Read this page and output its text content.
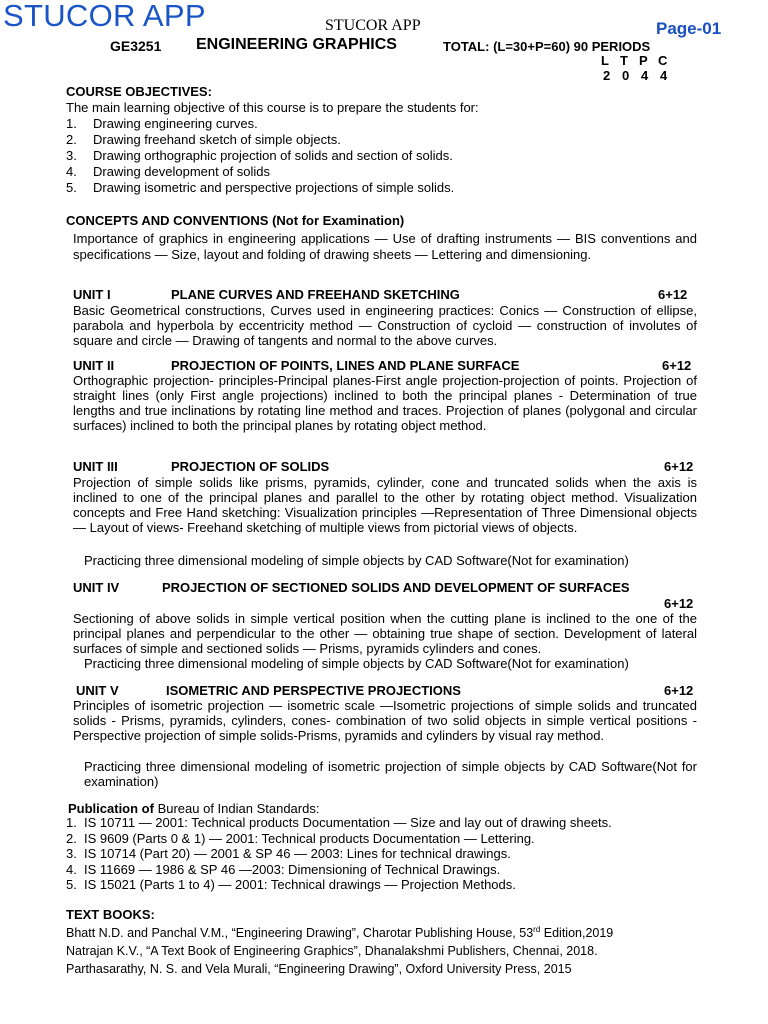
STUCOR APP	STUCOR APP	Page-01
GE3251 ENGINEERING GRAPHICS	TOTAL: (L=30+P=60) 90 PERIODS
L T P C
2 0 4 4
COURSE OBJECTIVES:
The main learning objective of this course is to prepare the students for:
1.	Drawing engineering curves.
2.	Drawing freehand sketch of simple objects.
3.	Drawing orthographic projection of solids and section of solids.
4.	Drawing development of solids
5.	Drawing isometric and perspective projections of simple solids.
CONCEPTS AND CONVENTIONS (Not for Examination)
Importance of graphics in engineering applications — Use of drafting instruments — BIS conventions and specifications — Size, layout and folding of drawing sheets — Lettering and dimensioning.
UNIT I	PLANE CURVES AND FREEHAND SKETCHING	6+12
Basic Geometrical constructions, Curves used in engineering practices: Conics — Construction of ellipse, parabola and hyperbola by eccentricity method — Construction of cycloid — construction of involutes of square and circle — Drawing of tangents and normal to the above curves.
UNIT II	PROJECTION OF POINTS, LINES AND PLANE SURFACE	6+12
Orthographic projection- principles-Principal planes-First angle projection-projection of points. Projection of straight lines (only First angle projections) inclined to both the principal planes - Determination of true lengths and true inclinations by rotating line method and traces. Projection of planes (polygonal and circular surfaces) inclined to both the principal planes by rotating object method.
UNIT III	PROJECTION OF SOLIDS	6+12
Projection of simple solids like prisms, pyramids, cylinder, cone and truncated solids when the axis is inclined to one of the principal planes and parallel to the other by rotating object method. Visualization concepts and Free Hand sketching: Visualization principles —Representation of Three Dimensional objects — Layout of views- Freehand sketching of multiple views from pictorial views of objects.
Practicing three dimensional modeling of simple objects by CAD Software(Not for examination)
UNIT IV	PROJECTION OF SECTIONED SOLIDS AND DEVELOPMENT OF SURFACES
6+12
Sectioning of above solids in simple vertical position when the cutting plane is inclined to the one of the principal planes and perpendicular to the other — obtaining true shape of section. Development of lateral surfaces of simple and sectioned solids — Prisms, pyramids cylinders and cones.
Practicing three dimensional modeling of simple objects by CAD Software(Not for examination)
UNIT V	ISOMETRIC AND PERSPECTIVE PROJECTIONS	6+12
Principles of isometric projection — isometric scale —Isometric projections of simple solids and truncated solids - Prisms, pyramids, cylinders, cones- combination of two solid objects in simple vertical positions - Perspective projection of simple solids-Prisms, pyramids and cylinders by visual ray method.
Practicing three dimensional modeling of isometric projection of simple objects by CAD Software(Not for examination)
Publication of Bureau of Indian Standards:
1. IS 10711 — 2001: Technical products Documentation — Size and lay out of drawing sheets.
2. IS 9609 (Parts 0 & 1) — 2001: Technical products Documentation — Lettering.
3. IS 10714 (Part 20) — 2001 & SP 46 — 2003: Lines for technical drawings.
4. IS 11669 — 1986 & SP 46 —2003: Dimensioning of Technical Drawings.
5. IS 15021 (Parts 1 to 4) — 2001: Technical drawings — Projection Methods.
TEXT BOOKS:
Bhatt N.D. and Panchal V.M., “Engineering Drawing”, Charotar Publishing House, 53rd Edition,2019
Natrajan K.V., “A Text Book of Engineering Graphics”, Dhanalakshmi Publishers, Chennai, 2018.
Parthasarathy, N. S. and Vela Murali, “Engineering Drawing”, Oxford University Press, 2015
